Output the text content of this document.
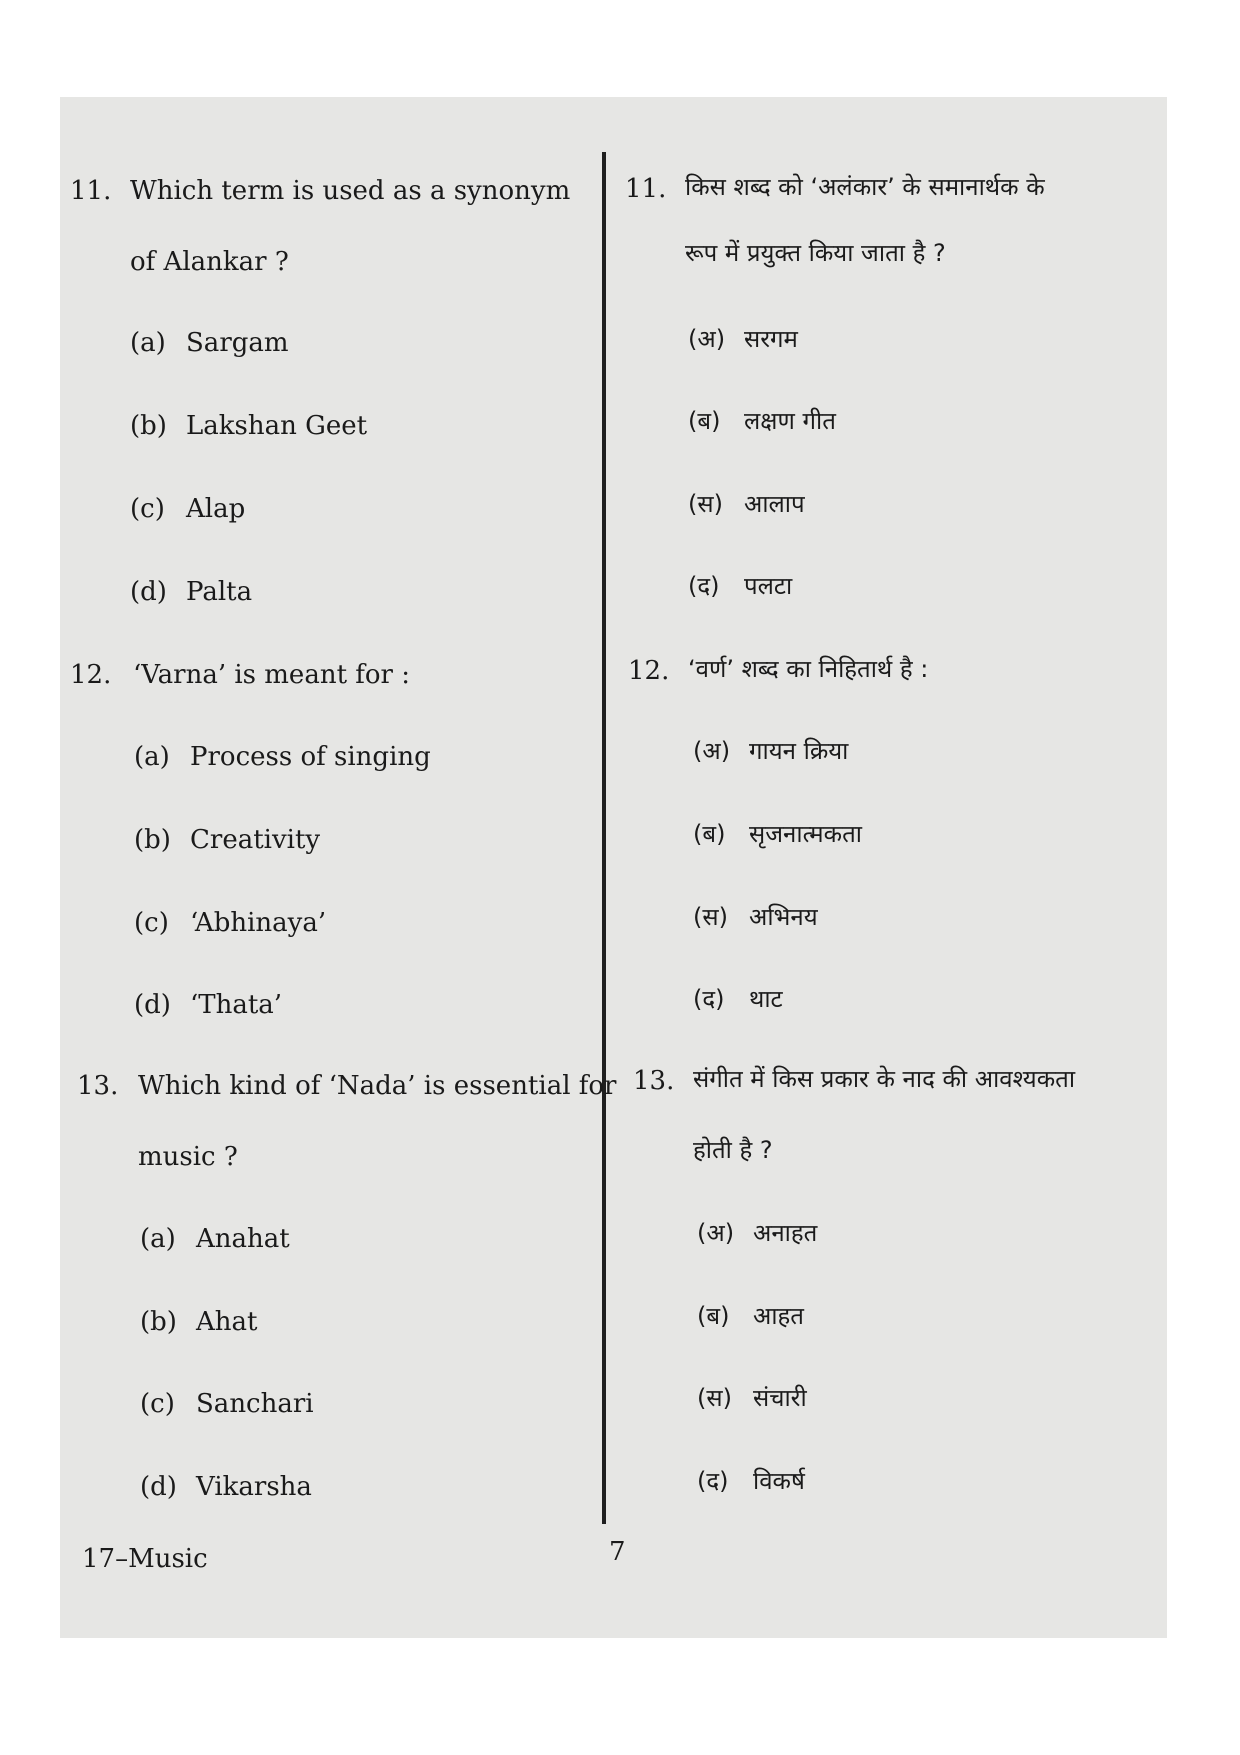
11. Which term is used as a synonym
of Alankar ?
(a) Sargam
(b) Lakshan Geet
(c) Alap
(d) Palta
12. ‘Varna’ is meant for :
(a) Process of singing
(b) Creativity
(c) ‘Abhinaya’
(d) ‘Thata’
13. Which kind of ‘Nada’ is essential for
music ?
(a) Anahat
(b) Ahat
(c) Sanchari
(d) Vikarsha
11. किस शब्द को ‘अलंकार’ के समानार्थक के
रूप में प्रयुक्त किया जाता है ?
(अ) सरगम
(ब) लक्षण गीत
(स) आलाप
(द) पलटा
12. ‘वर्ण’ शब्द का निहितार्थ है :
(अ) गायन क्रिया
(ब) सृजनात्मकता
(स) अभिनय
(द) थाट
13. संगीत में किस प्रकार के नाद की आवश्यकता
होती है ?
(अ) अनाहत
(ब) आहत
(स) संचारी
(द) विकर्ष
17–Music	7
